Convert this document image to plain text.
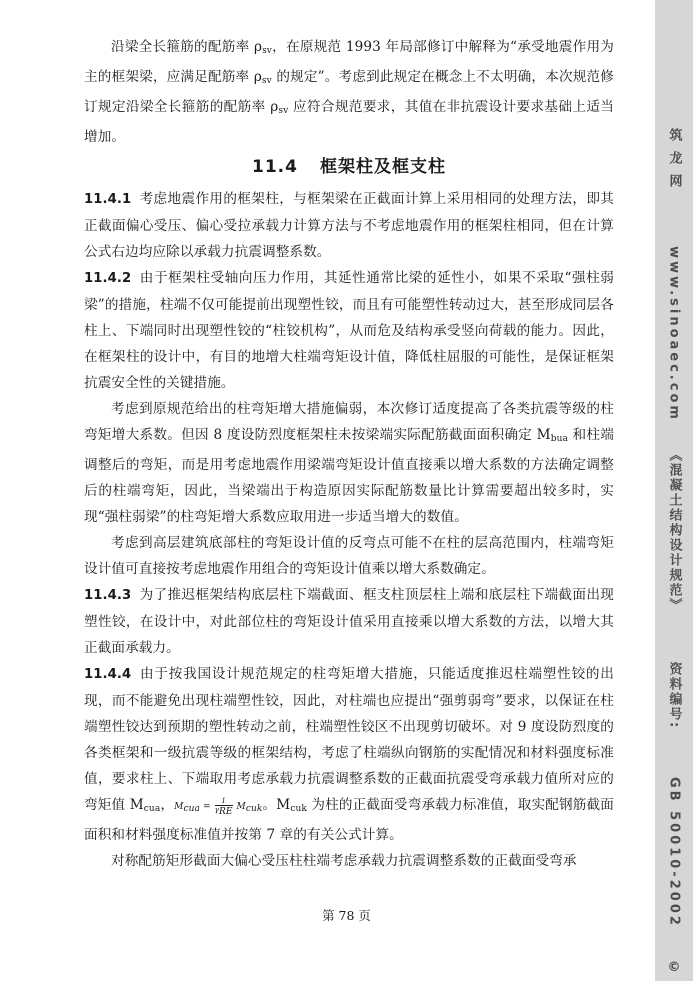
筑龙网
www.sinoaec.com
《混凝土结构设计规范》
资料编号:
GB 50010-2002
©

沿梁全长箍筋的配筋率 $\rho_{sv}$，在原规范 1993 年局部修订中解释为“承受地震作用为主的框架梁，应满足配筋率 $\rho_{sv}$ 的规定”。考虑到此规定在概念上不太明确，本次规范修订规定沿梁全长箍筋的配筋率 $\rho_{sv}$ 应符合规范要求，其值在非抗震设计要求基础上适当增加。

11.4 框架柱及框支柱

11.4.1 考虑地震作用的框架柱，与框架梁在正截面计算上采用相同的处理方法，即其正截面偏心受压、偏心受拉承载力计算方法与不考虑地震作用的框架柱相同，但在计算公式右边均应除以承载力抗震调整系数。

11.4.2 由于框架柱受轴向压力作用，其延性通常比梁的延性小，如果不采取“强柱弱梁”的措施，柱端不仅可能提前出现塑性铰，而且有可能塑性转动过大，甚至形成同层各柱上、下端同时出现塑性铰的“柱铰机构”，从而危及结构承受竖向荷载的能力。因此，在框架柱的设计中，有目的地增大柱端弯矩设计值，降低柱屈服的可能性，是保证框架抗震安全性的关键措施。

考虑到原规范给出的柱弯矩增大措施偏弱，本次修订适度提高了各类抗震等级的柱弯矩增大系数。但因 8 度设防烈度框架柱未按梁端实际配筋截面面积确定 $M_{bua}$ 和柱端调整后的弯矩，而是用考虑地震作用梁端弯矩设计值直接乘以增大系数的方法确定调整后的柱端弯矩，因此，当梁端出于构造原因实际配筋数量比计算需要超出较多时，实现“强柱弱梁”的柱弯矩增大系数应取用进一步适当增大的数值。

考虑到高层建筑底部柱的弯矩设计值的反弯点可能不在柱的层高范围内，柱端弯矩设计值可直接按考虑地震作用组合的弯矩设计值乘以增大系数确定。

11.4.3 为了推迟框架结构底层柱下端截面、框支柱顶层柱上端和底层柱下端截面出现塑性铰，在设计中，对此部位柱的弯矩设计值采用直接乘以增大系数的方法，以增大其正截面承载力。

11.4.4 由于按我国设计规范规定的柱弯矩增大措施，只能适度推迟柱端塑性铰的出现，而不能避免出现柱端塑性铰，因此，对柱端也应提出“强剪弱弯”要求，以保证在柱端塑性铰达到预期的塑性转动之前，柱端塑性铰区不出现剪切破坏。对 9 度设防烈度的各类框架和一级抗震等级的框架结构，考虑了柱端纵向钢筋的实配情况和材料强度标准值，要求柱上、下端取用考虑承载力抗震调整系数的正截面抗震受弯承载力值所对应的弯矩值 $M_{cua}$，$M_{cua} = \frac{1}{\gamma_{RE}} M_{cuk}$。$M_{cuk}$ 为柱的正截面受弯承载力标准值，取实配钢筋截面面积和材料强度标准值并按第 7 章的有关公式计算。

对称配筋矩形截面大偏心受压柱柱端考虑承载力抗震调整系数的正截面受弯承

第 78 页
